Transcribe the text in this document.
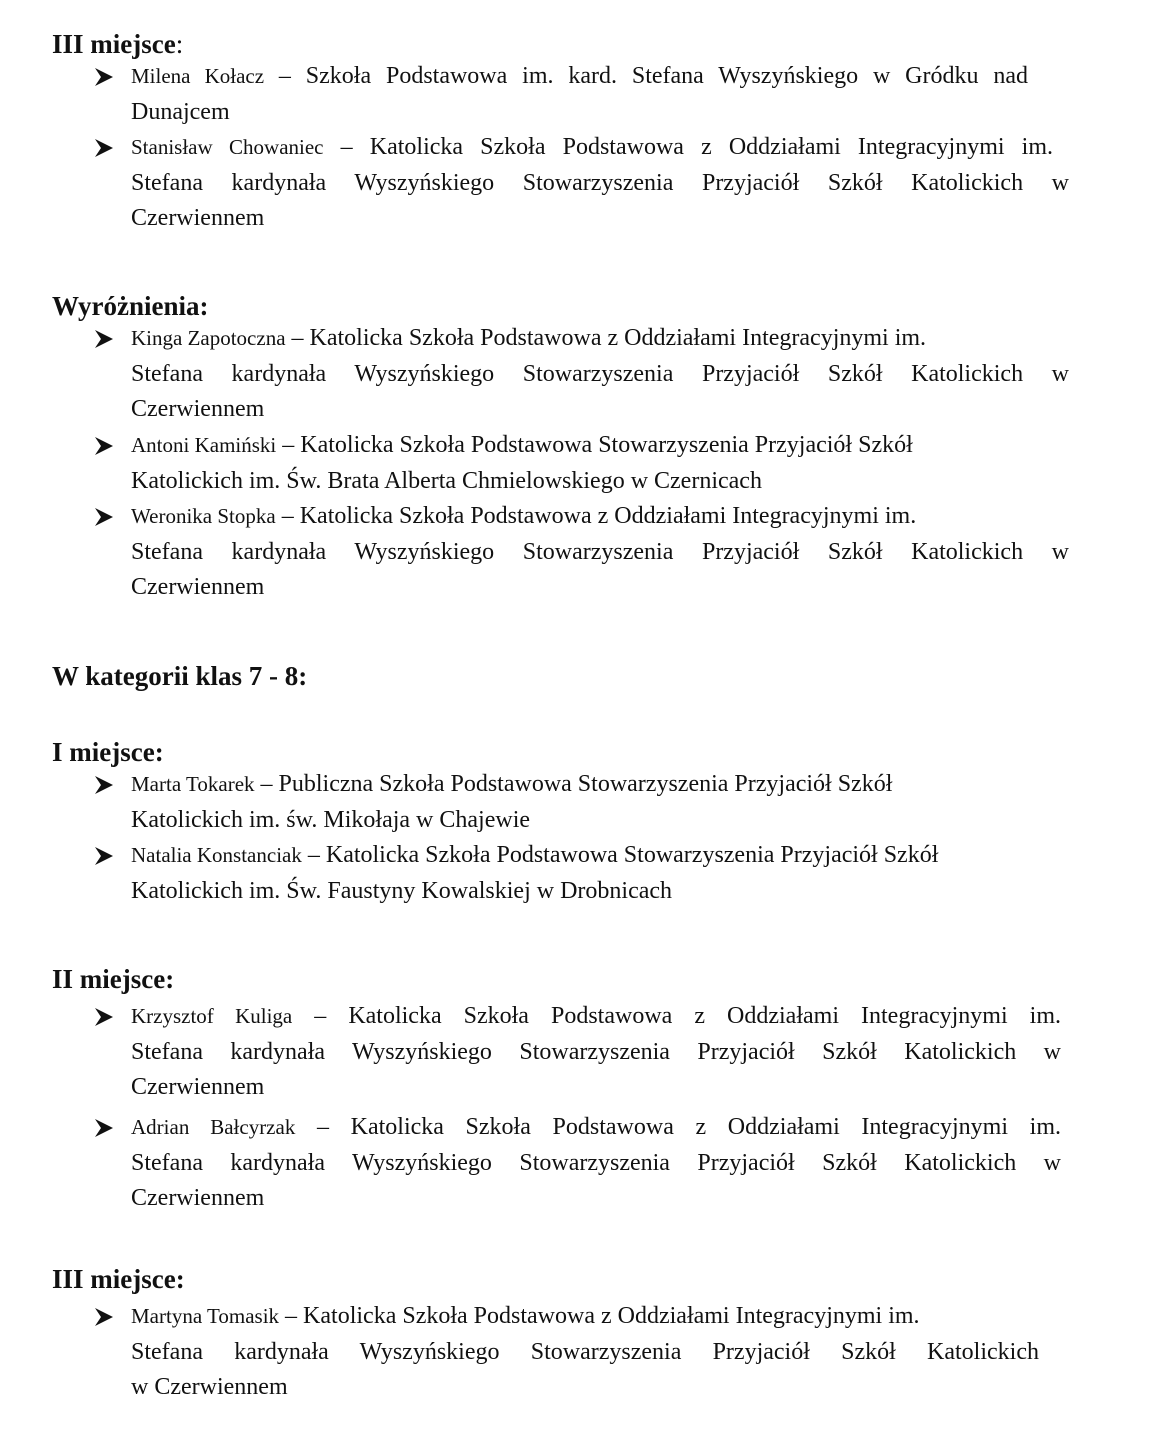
III miejsce:
Milena Kołacz – Szkoła Podstawowa im. kard. Stefana Wyszyńskiego w Gródku nad
Dunajcem
Stanisław Chowaniec – Katolicka Szkoła Podstawowa z Oddziałami Integracyjnymi im.
Stefana kardynała Wyszyńskiego Stowarzyszenia Przyjaciół Szkół Katolickich w
Czerwiennem
Wyróżnienia:
Kinga Zapotoczna – Katolicka Szkoła Podstawowa z Oddziałami Integracyjnymi im.
Stefana kardynała Wyszyńskiego Stowarzyszenia Przyjaciół Szkół Katolickich w
Czerwiennem
Antoni Kamiński – Katolicka Szkoła Podstawowa Stowarzyszenia Przyjaciół Szkół
Katolickich im. Św. Brata Alberta Chmielowskiego w Czernicach
Weronika Stopka – Katolicka Szkoła Podstawowa z Oddziałami Integracyjnymi im.
Stefana kardynała Wyszyńskiego Stowarzyszenia Przyjaciół Szkół Katolickich w
Czerwiennem
W kategorii klas 7 - 8:
I miejsce:
Marta Tokarek – Publiczna Szkoła Podstawowa Stowarzyszenia Przyjaciół Szkół
Katolickich im. św. Mikołaja w Chajewie
Natalia Konstanciak – Katolicka Szkoła Podstawowa Stowarzyszenia Przyjaciół Szkół
Katolickich im. Św. Faustyny Kowalskiej w Drobnicach
II miejsce:
Krzysztof Kuliga – Katolicka Szkoła Podstawowa z Oddziałami Integracyjnymi im.
Stefana kardynała Wyszyńskiego Stowarzyszenia Przyjaciół Szkół Katolickich w
Czerwiennem
Adrian Bałcyrzak – Katolicka Szkoła Podstawowa z Oddziałami Integracyjnymi im.
Stefana kardynała Wyszyńskiego Stowarzyszenia Przyjaciół Szkół Katolickich w
Czerwiennem
III miejsce:
Martyna Tomasik – Katolicka Szkoła Podstawowa z Oddziałami Integracyjnymi im.
Stefana kardynała Wyszyńskiego Stowarzyszenia Przyjaciół Szkół Katolickich
w Czerwiennem
